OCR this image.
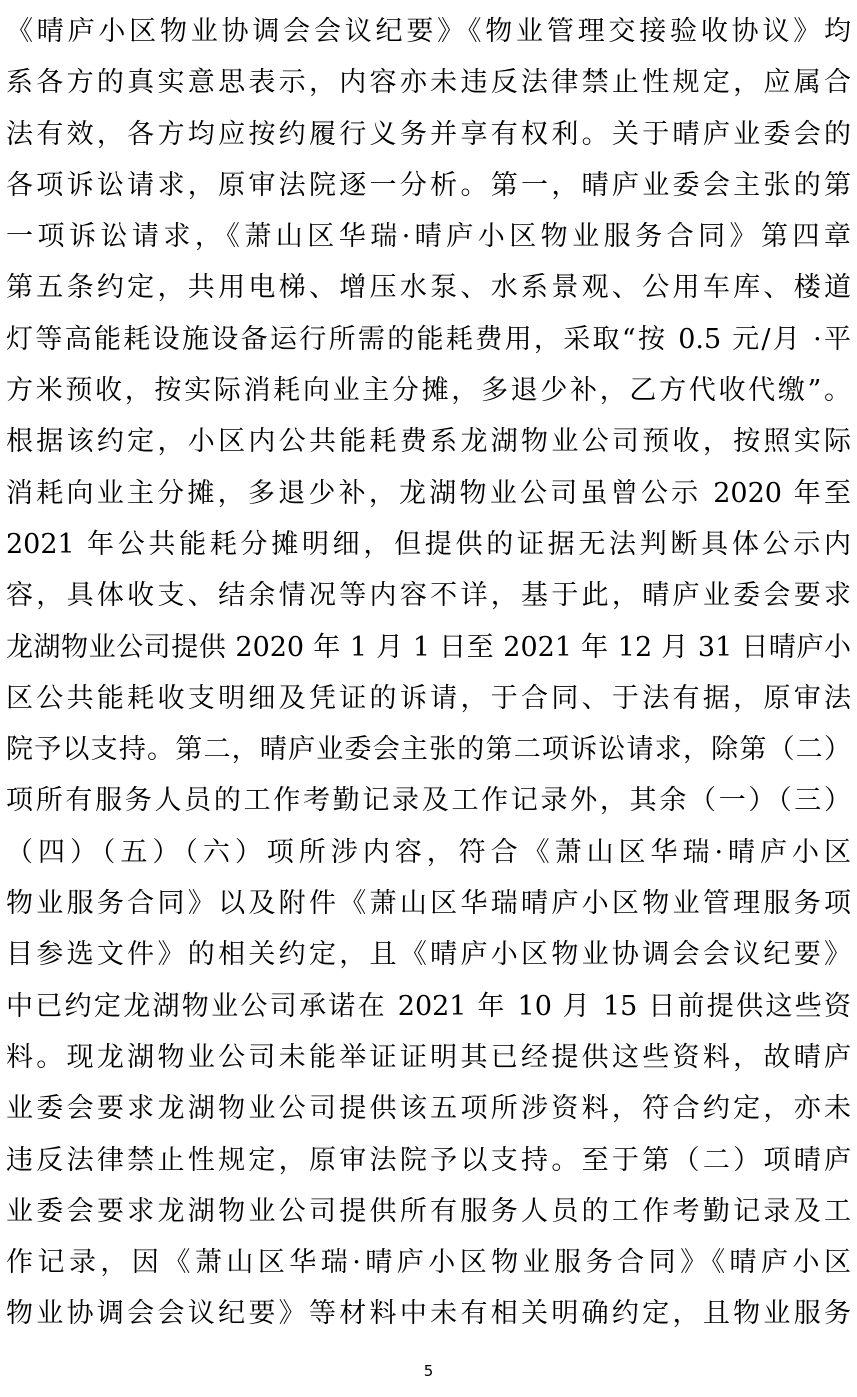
《晴庐小区物业协调会会议纪要》《物业管理交接验收协议》均
系各方的真实意思表示，内容亦未违反法律禁止性规定，应属合
法有效，各方均应按约履行义务并享有权利。关于晴庐业委会的
各项诉讼请求，原审法院逐一分析。第一，晴庐业委会主张的第
一项诉讼请求，《萧山区华瑞·晴庐小区物业服务合同》第四章
第五条约定，共用电梯、增压水泵、水系景观、公用车库、楼道
灯等高能耗设施设备运行所需的能耗费用，采取“按 0.5 元/月 ·平
方米预收，按实际消耗向业主分摊，多退少补，乙方代收代缴”。
根据该约定，小区内公共能耗费系龙湖物业公司预收，按照实际
消耗向业主分摊，多退少补，龙湖物业公司虽曾公示 2020 年至
2021 年公共能耗分摊明细，但提供的证据无法判断具体公示内
容，具体收支、结余情况等内容不详，基于此，晴庐业委会要求
龙湖物业公司提供 2020 年 1 月 1 日至 2021 年 12 月 31 日晴庐小
区公共能耗收支明细及凭证的诉请，于合同、于法有据，原审法
院予以支持。第二，晴庐业委会主张的第二项诉讼请求，除第（二）
项所有服务人员的工作考勤记录及工作记录外，其余（一）（三）
（四）（五）（六）项所涉内容，符合《萧山区华瑞·晴庐小区
物业服务合同》以及附件《萧山区华瑞晴庐小区物业管理服务项
目参选文件》的相关约定，且《晴庐小区物业协调会会议纪要》
中已约定龙湖物业公司承诺在 2021 年 10 月 15 日前提供这些资
料。现龙湖物业公司未能举证证明其已经提供这些资料，故晴庐
业委会要求龙湖物业公司提供该五项所涉资料，符合约定，亦未
违反法律禁止性规定，原审法院予以支持。至于第（二）项晴庐
业委会要求龙湖物业公司提供所有服务人员的工作考勤记录及工
作记录，因《萧山区华瑞·晴庐小区物业服务合同》《晴庐小区
物业协调会会议纪要》等材料中未有相关明确约定，且物业服务
5
